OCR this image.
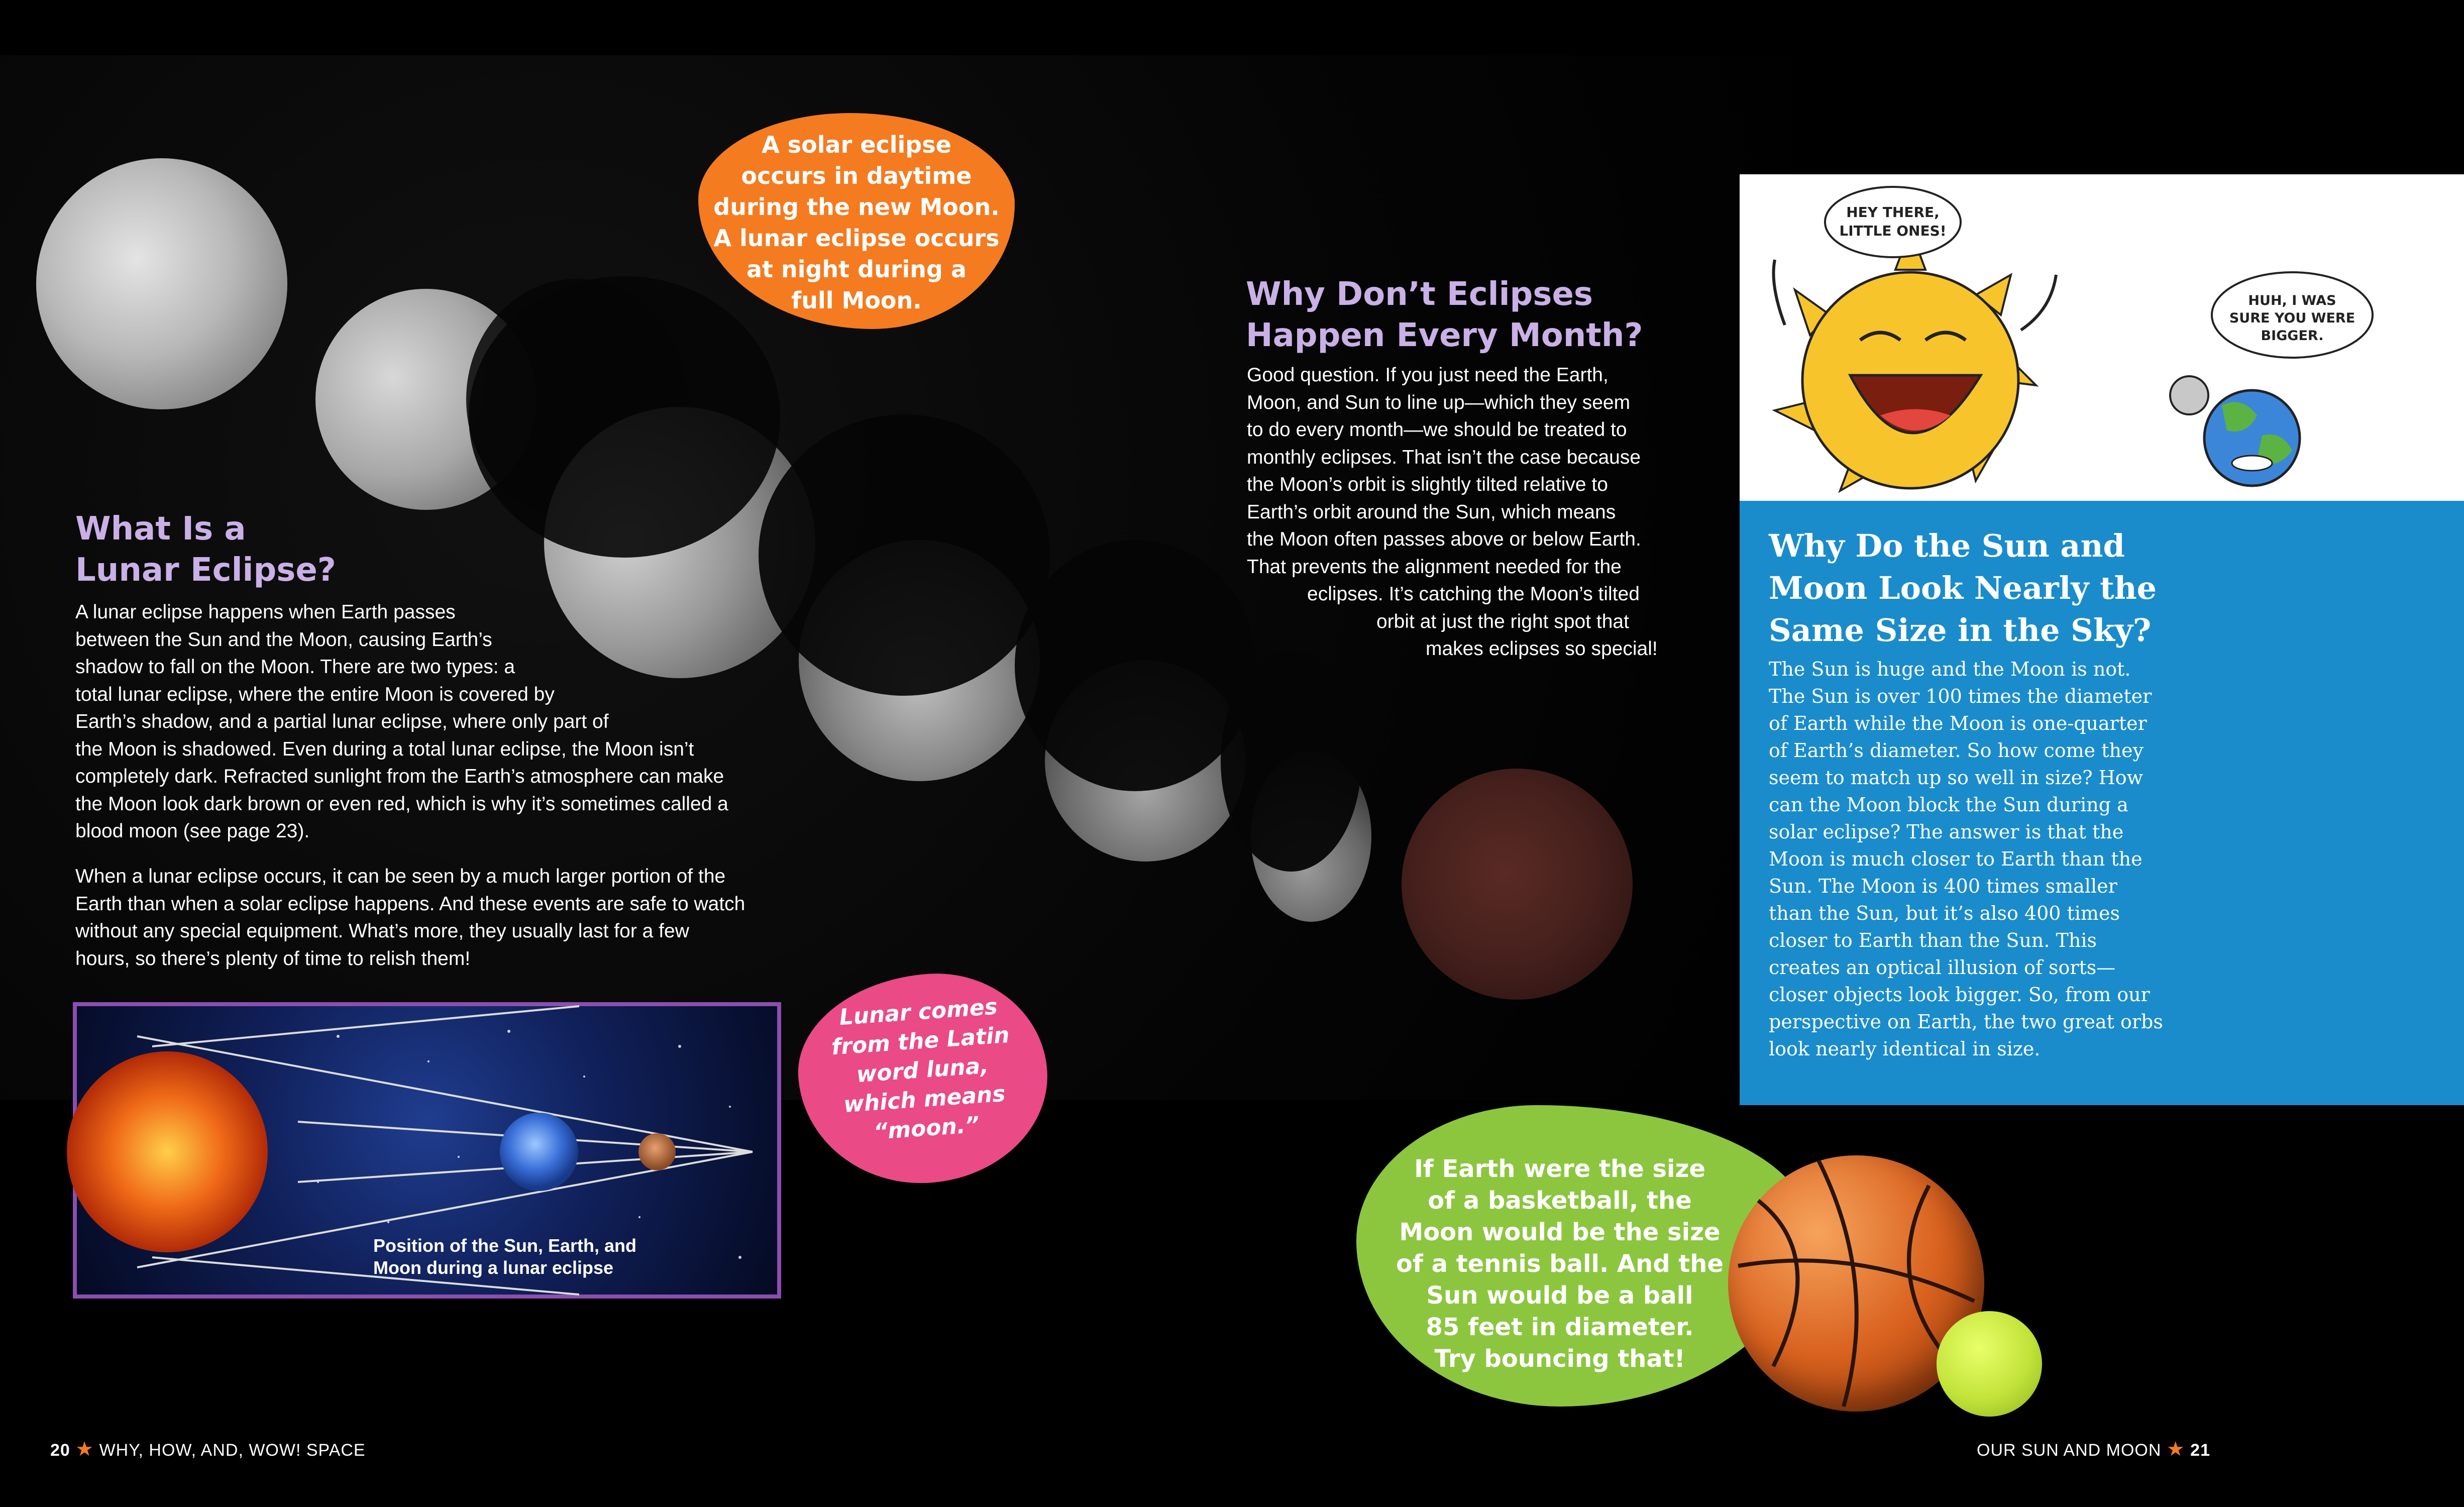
A solar eclipse
occurs in daytime
during the new Moon.
A lunar eclipse occurs
at night during a
full Moon.

What Is a
Lunar Eclipse?

A lunar eclipse happens when Earth passes
between the Sun and the Moon, causing Earth’s
shadow to fall on the Moon. There are two types: a
total lunar eclipse, where the entire Moon is covered by
Earth’s shadow, and a partial lunar eclipse, where only part of
the Moon is shadowed. Even during a total lunar eclipse, the Moon isn’t
completely dark. Refracted sunlight from the Earth’s atmosphere can make
the Moon look dark brown or even red, which is why it’s sometimes called a
blood moon (see page 23).

When a lunar eclipse occurs, it can be seen by a much larger portion of the
Earth than when a solar eclipse happens. And these events are safe to watch
without any special equipment. What’s more, they usually last for a few
hours, so there’s plenty of time to relish them!

Position of the Sun, Earth, and
Moon during a lunar eclipse

Lunar comes
from the Latin
word luna,
which means
“moon.”

Why Don’t Eclipses
Happen Every Month?

Good question. If you just need the Earth,
Moon, and Sun to line up—which they seem
to do every month—we should be treated to
monthly eclipses. That isn’t the case because
the Moon’s orbit is slightly tilted relative to
Earth’s orbit around the Sun, which means
the Moon often passes above or below Earth.
That prevents the alignment needed for the

eclipses. It’s catching the Moon’s tilted

orbit at just the right spot that

makes eclipses so special!

HEY THERE,
LITTLE ONES!
HUH, I WAS
SURE YOU WERE
BIGGER.
Why Do the Sun and
Moon Look Nearly the
Same Size in the Sky?
The Sun is huge and the Moon is not.
The Sun is over 100 times the diameter
of Earth while the Moon is one-quarter
of Earth’s diameter. So how come they
seem to match up so well in size? How
can the Moon block the Sun during a
solar eclipse? The answer is that the
Moon is much closer to Earth than the
Sun. The Moon is 400 times smaller
than the Sun, but it’s also 400 times
closer to Earth than the Sun. This
creates an optical illusion of sorts—
closer objects look bigger. So, from our
perspective on Earth, the two great orbs
look nearly identical in size.

If Earth were the size
of a basketball, the
Moon would be the size
of a tennis ball. And the
Sun would be a ball
85 feet in diameter.
Try bouncing that!

20 ★ WHY, HOW, AND, WOW! SPACE	OUR SUN AND MOON ★ 21
